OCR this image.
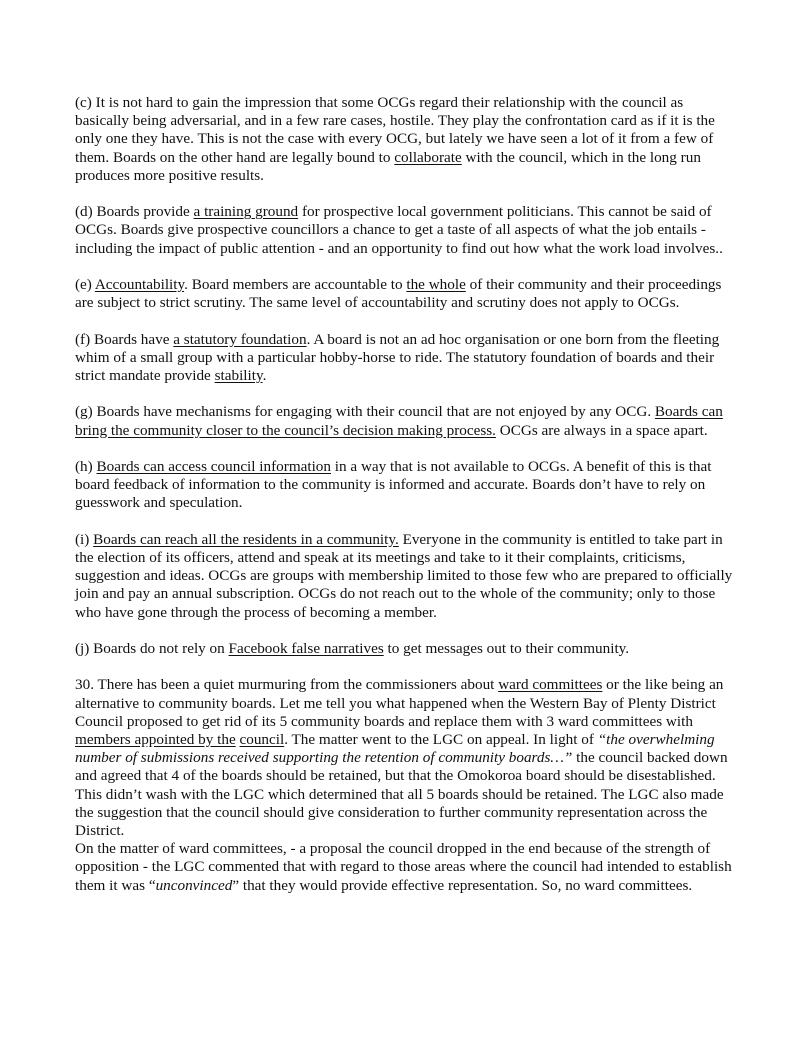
(c) It is not hard to gain the impression that some OCGs regard their relationship with the council as basically being adversarial, and in a few rare cases, hostile. They play the confrontation card as if it is the only one they have. This is not the case with every OCG, but lately we have seen a lot of it from a few of them. Boards on the other hand are legally bound to collaborate with the council, which in the long run produces more positive results.

(d) Boards provide a training ground for prospective local government politicians. This cannot be said of OCGs. Boards give prospective councillors a chance to get a taste of all aspects of what the job entails - including the impact of public attention - and an opportunity to find out how what the work load involves..

(e) Accountability. Board members are accountable to the whole of their community and their proceedings are subject to strict scrutiny. The same level of accountability and scrutiny does not apply to OCGs.

(f) Boards have a statutory foundation. A board is not an ad hoc organisation or one born from the fleeting whim of a small group with a particular hobby-horse to ride. The statutory foundation of boards and their strict mandate provide stability.

(g) Boards have mechanisms for engaging with their council that are not enjoyed by any OCG. Boards can bring the community closer to the council’s decision making process. OCGs are always in a space apart.

(h) Boards can access council information in a way that is not available to OCGs. A benefit of this is that board feedback of information to the community is informed and accurate. Boards don’t have to rely on guesswork and speculation.

(i) Boards can reach all the residents in a community. Everyone in the community is entitled to take part in the election of its officers, attend and speak at its meetings and take to it their complaints, criticisms, suggestion and ideas. OCGs are groups with membership limited to those few who are prepared to officially join and pay an annual subscription. OCGs do not reach out to the whole of the community; only to those who have gone through the process of becoming a member.

(j) Boards do not rely on Facebook false narratives to get messages out to their community.

30. There has been a quiet murmuring from the commissioners about ward committees or the like being an alternative to community boards. Let me tell you what happened when the Western Bay of Plenty District Council proposed to get rid of its 5 community boards and replace them with 3 ward committees with members appointed by the council. The matter went to the LGC on appeal. In light of “the overwhelming number of submissions received supporting the retention of community boards…” the council backed down and agreed that 4 of the boards should be retained, but that the Omokoroa board should be disestablished. This didn’t wash with the LGC which determined that all 5 boards should be retained. The LGC also made the suggestion that the council should give consideration to further community representation across the District.

On the matter of ward committees, - a proposal the council dropped in the end because of the strength of opposition - the LGC commented that with regard to those areas where the council had intended to establish them it was “unconvinced” that they would provide effective representation. So, no ward committees.
